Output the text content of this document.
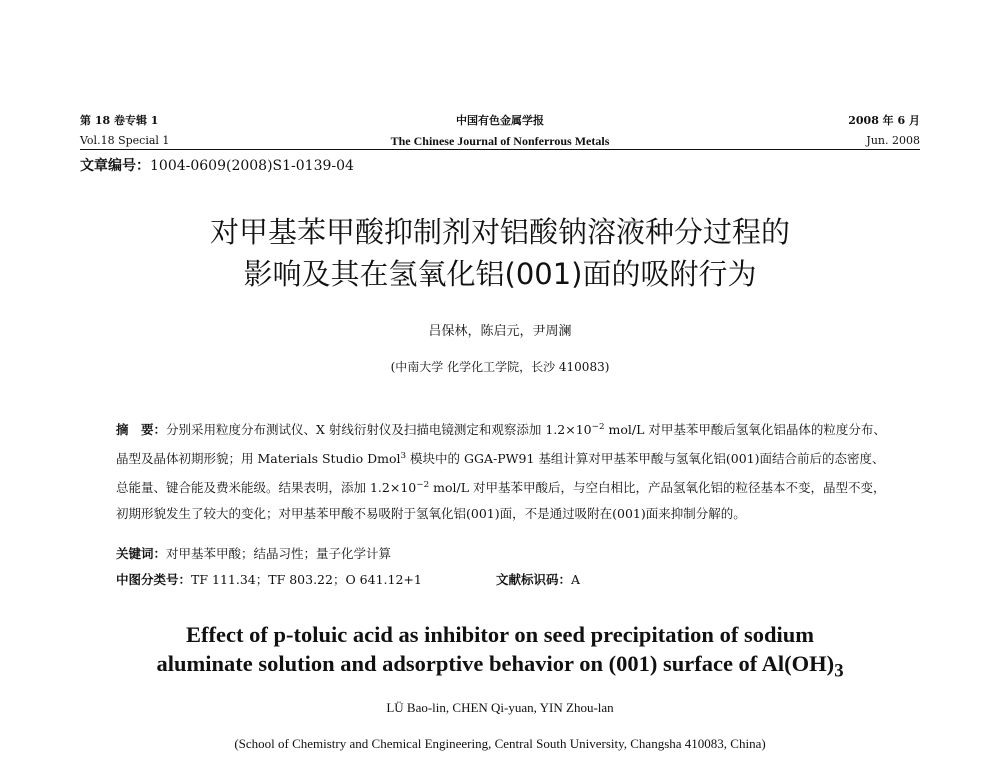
第 18 卷专辑 1	中国有色金属学报	2008 年 6 月
Vol.18 Special 1	The Chinese Journal of Nonferrous Metals	Jun. 2008
文章编号：1004-0609(2008)S1-0139-04
对甲基苯甲酸抑制剂对铝酸钠溶液种分过程的
影响及其在氢氧化铝(001)面的吸附行为
吕保林，陈启元，尹周澜
(中南大学 化学化工学院，长沙 410083)
摘　要：分别采用粒度分布测试仪、X 射线衍射仪及扫描电镜测定和观察添加 $1.2\times 10^{-2}$ mol/L 对甲基苯甲酸后氢氧化铝晶体的粒度分布、晶型及晶体初期形貌；用 Materials Studio Dmol$^3$ 模块中的 GGA-PW91 基组计算对甲基苯甲酸与氢氧化铝(001)面结合前后的态密度、总能量、键合能及费米能级。结果表明，添加 $1.2\times 10^{-2}$ mol/L 对甲基苯甲酸后，与空白相比，产品氢氧化铝的粒径基本不变，晶型不变，初期形貌发生了较大的变化；对甲基苯甲酸不易吸附于氢氧化铝(001)面，不是通过吸附在(001)面来抑制分解的。
关键词：对甲基苯甲酸；结晶习性；量子化学计算
中图分类号：TF 111.34；TF 803.22；O 641.12+1	文献标识码：A
Effect of p-toluic acid as inhibitor on seed precipitation of sodium
aluminate solution and adsorptive behavior on (001) surface of $Al(OH)_3$
LÜ Bao-lin, CHEN Qi-yuan, YIN Zhou-lan
(School of Chemistry and Chemical Engineering, Central South University, Changsha 410083, China)
